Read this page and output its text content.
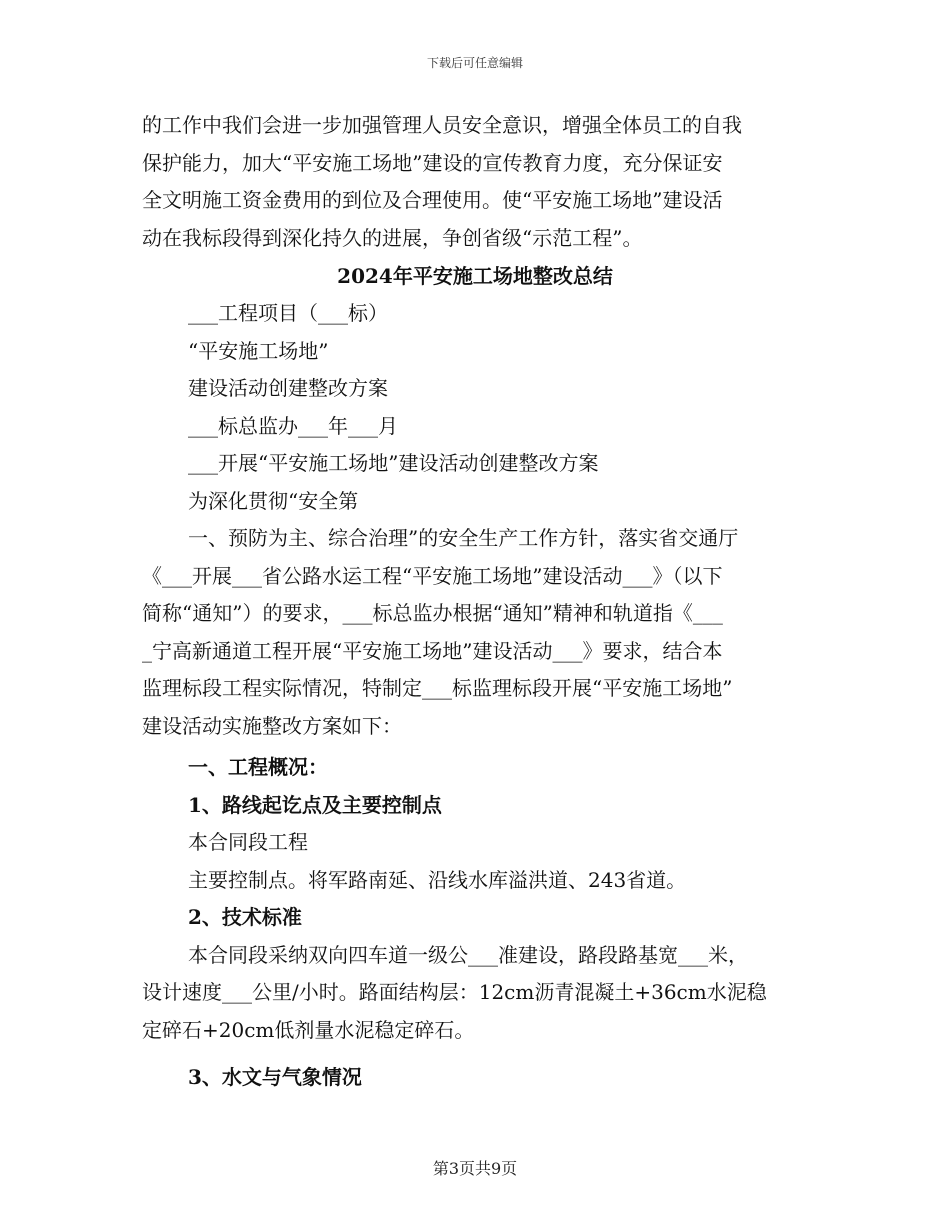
下载后可任意编辑
的工作中我们会进一步加强管理人员安全意识，增强全体员工的自我
保护能力，加大“平安施工场地”建设的宣传教育力度，充分保证安
全文明施工资金费用的到位及合理使用。使“平安施工场地”建设活
动在我标段得到深化持久的进展，争创省级“示范工程”。
2024年平安施工场地整改总结
___工程项目（___标）
“平安施工场地”
建设活动创建整改方案
___标总监办___年___月
___开展“平安施工场地”建设活动创建整改方案
为深化贯彻“安全第
一、预防为主、综合治理”的安全生产工作方针，落实省交通厅
《___开展___省公路水运工程“平安施工场地”建设活动___》（以下
简称“通知”）的要求，___标总监办根据“通知”精神和轨道指《___
_宁高新通道工程开展“平安施工场地”建设活动___》要求，结合本
监理标段工程实际情况，特制定___标监理标段开展“平安施工场地”
建设活动实施整改方案如下：
一、工程概况：
1、路线起讫点及主要控制点
本合同段工程
主要控制点。将军路南延、沿线水库溢洪道、243省道。
2、技术标准
本合同段采纳双向四车道一级公___准建设，路段路基宽___米，
设计速度___公里/小时。路面结构层：12cm沥青混凝土+36cm水泥稳
定碎石+20cm低剂量水泥稳定碎石。
3、水文与气象情况
第3页共9页
